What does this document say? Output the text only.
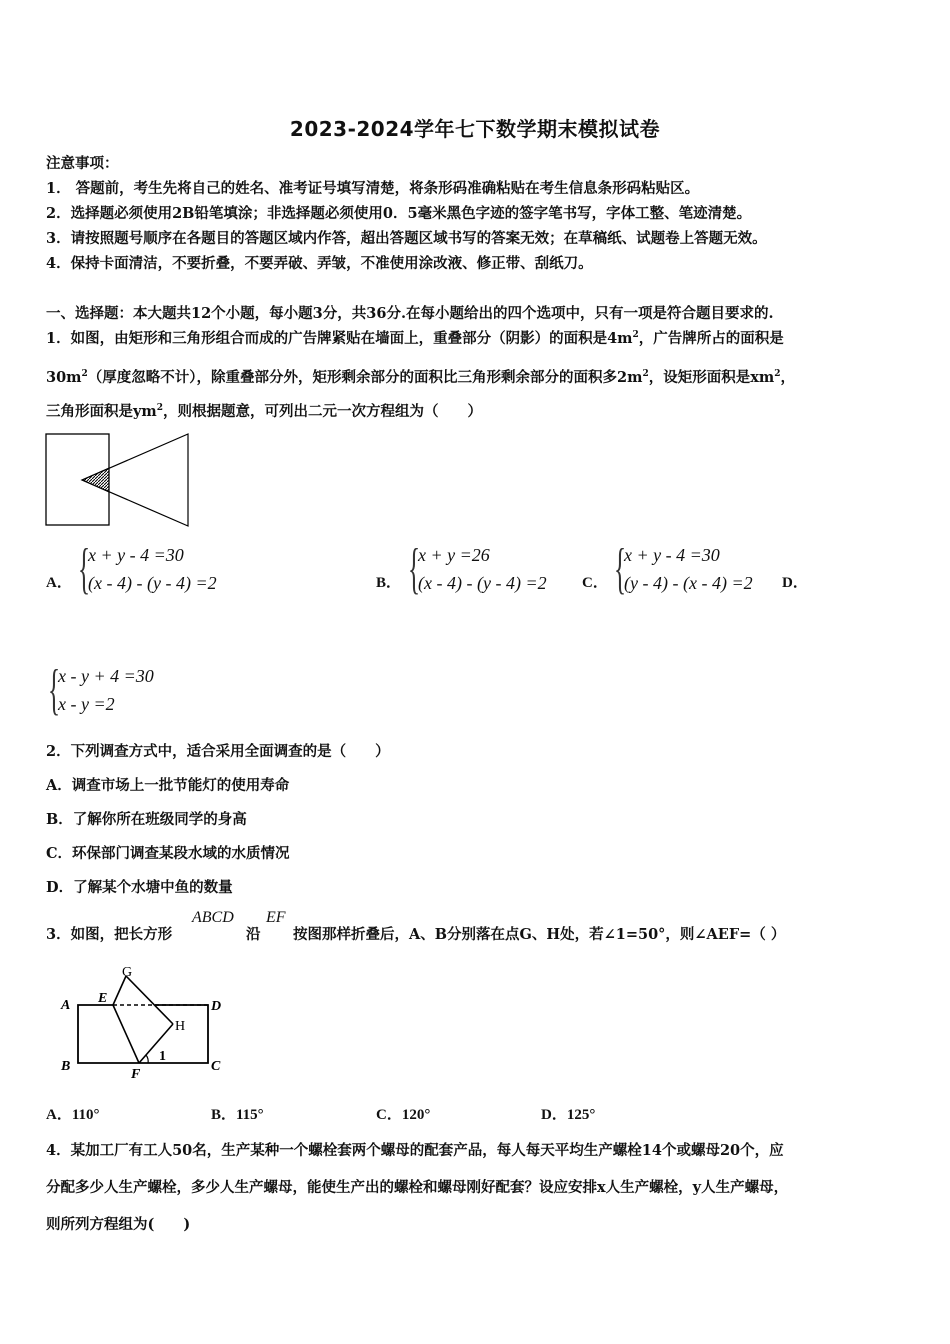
2023-2024学年七下数学期末模拟试卷
注意事项：
1． 答题前，考生先将自己的姓名、准考证号填写清楚，将条形码准确粘贴在考生信息条形码粘贴区。
2．选择题必须使用2B铅笔填涂；非选择题必须使用0．5毫米黑色字迹的签字笔书写，字体工整、笔迹清楚。
3．请按照题号顺序在各题目的答题区域内作答，超出答题区域书写的答案无效；在草稿纸、试题卷上答题无效。
4．保持卡面清洁，不要折叠，不要弄破、弄皱，不准使用涂改液、修正带、刮纸刀。
一、选择题：本大题共12个小题，每小题3分，共36分.在每小题给出的四个选项中，只有一项是符合题目要求的.
1．如图，由矩形和三角形组合而成的广告牌紧贴在墙面上，重叠部分（阴影）的面积是$4m^2$，广告牌所占的面积是
$30m^2$（厚度忽略不计），除重叠部分外，矩形剩余部分的面积比三角形剩余部分的面积多$2m^2$，设矩形面积是$xm^2$，
三角形面积是$ym^2$，则根据题意，可列出二元一次方程组为（　　）
A． {
x + y - 4 =30
(x - 4) - (y - 4) =2	B． {
x + y =26
(x - 4) - (y - 4) =2 C． {
x + y - 4 =30
(y - 4) - (x - 4) =2 D．
{
x - y + 4 =30
x - y =2
2．下列调查方式中，适合采用全面调查的是（　　）
A．调查市场上一批节能灯的使用寿命
B．了解你所在班级同学的身高
C．环保部门调查某段水域的水质情况
D．了解某个水塘中鱼的数量
3．如图，把长方形
ABCD
沿
EF
按图那样折叠后，A、B分别落在点G、H处，若∠1=50°，则∠AEF=（ ）
A
B	C
D
E
F
G
H
1
A．110°	B．115°	C．120°	D．125°
4．某加工厂有工人50名，生产某种一个螺栓套两个螺母的配套产品，每人每天平均生产螺栓14个或螺母20个，应
分配多少人生产螺栓，多少人生产螺母，能使生产出的螺栓和螺母刚好配套？设应安排x人生产螺栓，y人生产螺母，
则所列方程组为(　　)
